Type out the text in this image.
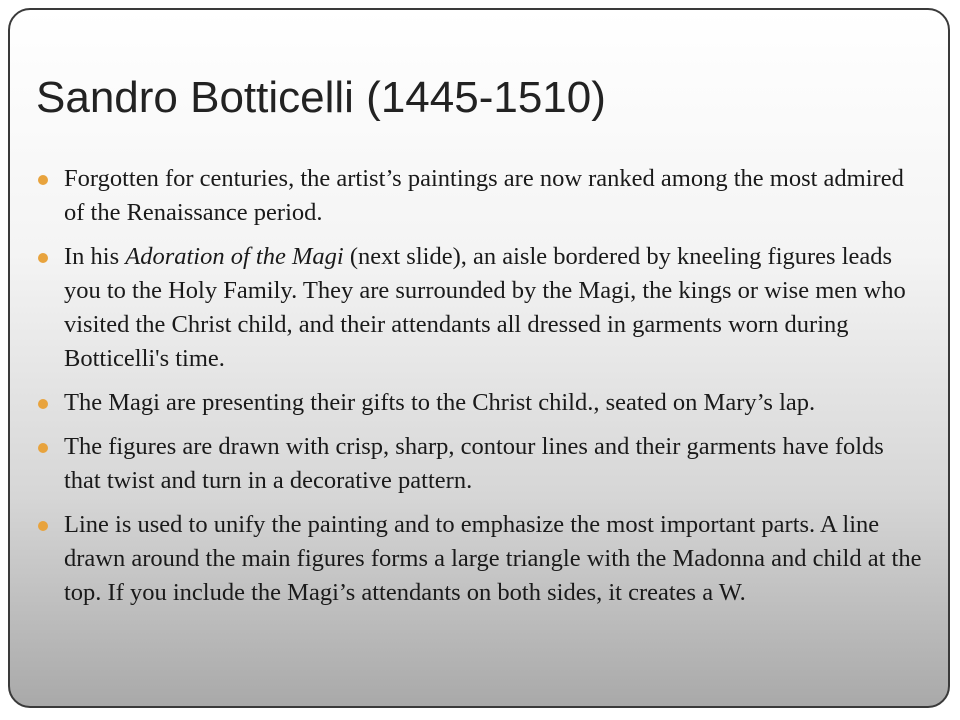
Sandro Botticelli (1445-1510)
Forgotten for centuries, the artist’s paintings are now ranked among the most admired of the Renaissance period.
In his Adoration of the Magi (next slide), an aisle bordered by kneeling figures leads you to the Holy Family. They are surrounded by the Magi, the kings or wise men who visited the Christ child, and their attendants all dressed in garments worn during Botticelli's time.
The Magi are presenting their gifts to the Christ child., seated on Mary’s lap.
The figures are drawn with crisp, sharp, contour lines and their garments have folds that twist and turn in a decorative pattern.
Line is used to unify the painting and to emphasize the most important parts. A line drawn around the main figures forms a large triangle with the Madonna and child at the top. If you include the Magi’s attendants on both sides, it creates a W.
